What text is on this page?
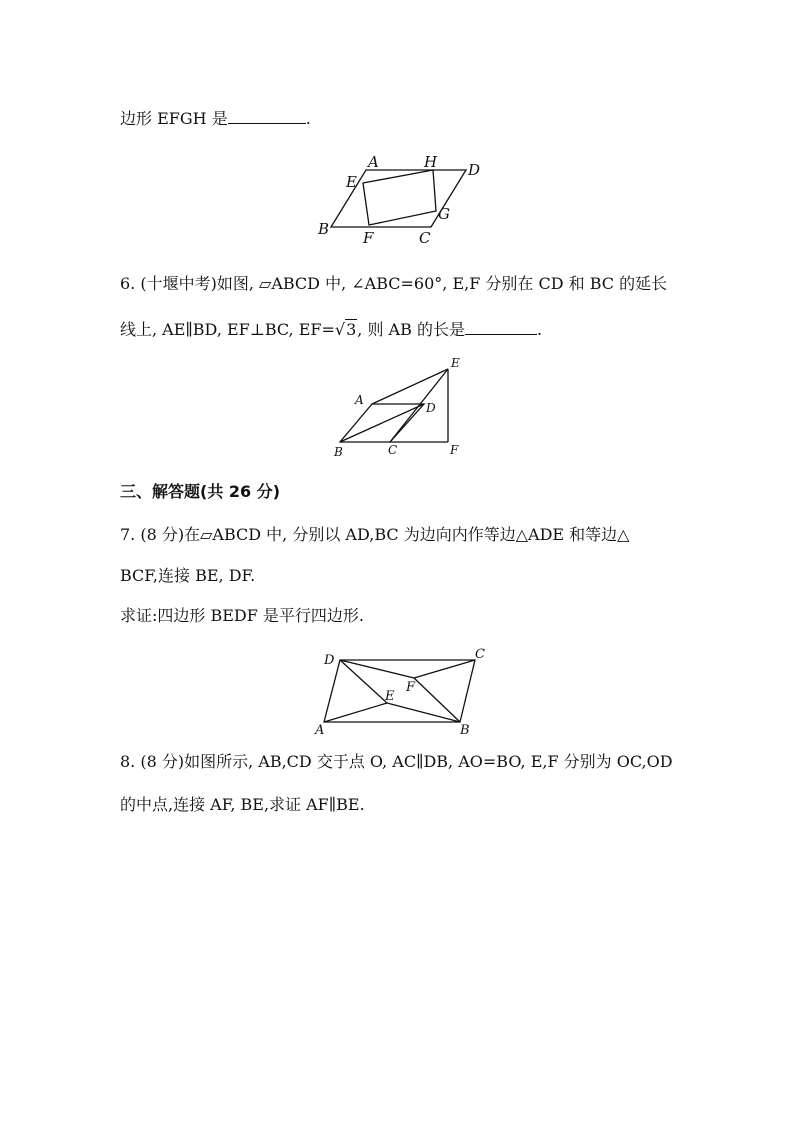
边形 EFGH 是	.
A	H D
E
G
B F	C
6. (十堰中考)如图, ▱ABCD 中, ∠ABC=60°, E,F 分别在 CD 和 BC 的延长
线上, AE∥BD, EF⊥BC, EF=√3, 则 AB 的长是	.
E
A
D
B	C	F
三、解答题(共 26 分)
7. (8 分)在▱ABCD 中, 分别以 AD,BC 为边向内作等边△ADE 和等边△
BCF,连接 BE, DF.
求证:四边形 BEDF 是平行四边形.
D	C
E
F
A	B
8. (8 分)如图所示, AB,CD 交于点 O, AC∥DB, AO=BO, E,F 分别为 OC,OD
的中点,连接 AF, BE,求证 AF∥BE.
